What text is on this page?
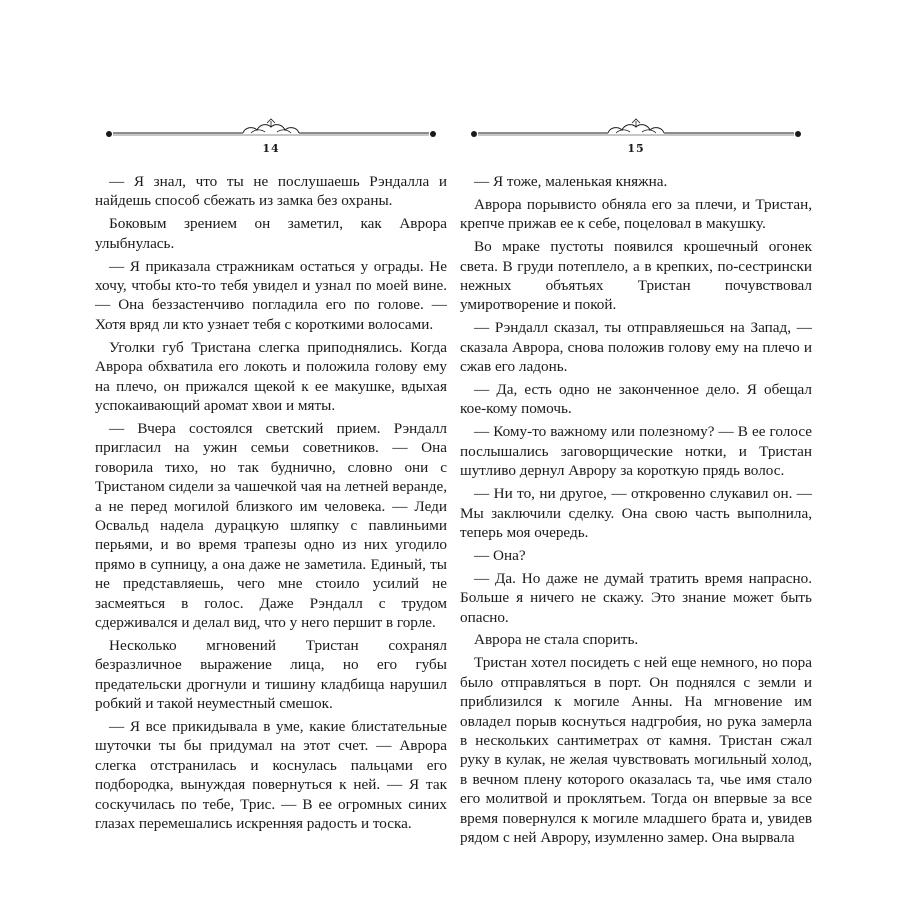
14

— Я знал, что ты не послушаешь Рэндалла и найдешь способ сбежать из замка без охраны.

Боковым зрением он заметил, как Аврора улыбнулась.

— Я приказала стражникам остаться у ограды. Не хочу, чтобы кто-то тебя увидел и узнал по моей вине. — Она беззастенчиво погладила его по голове. — Хотя вряд ли кто узнает тебя с короткими волосами.

Уголки губ Тристана слегка приподнялись. Когда Аврора обхватила его локоть и положила голову ему на плечо, он прижался щекой к ее макушке, вдыхая успокаивающий аромат хвои и мяты.

— Вчера состоялся светский прием. Рэндалл пригласил на ужин семьи советников. — Она говорила тихо, но так буднично, словно они с Тристаном сидели за чашечкой чая на летней веранде, а не перед могилой близкого им человека. — Леди Освальд надела дурацкую шляпку с павлиньими перьями, и во время трапезы одно из них угодило прямо в супницу, а она даже не заметила. Единый, ты не представляешь, чего мне стоило усилий не засмеяться в голос. Даже Рэндалл с трудом сдерживался и делал вид, что у него першит в горле.

Несколько мгновений Тристан сохранял безразличное выражение лица, но его губы предательски дрогнули и тишину кладбища нарушил робкий и такой неуместный смешок.

— Я все прикидывала в уме, какие блистательные шуточки ты бы придумал на этот счет. — Аврора слегка отстранилась и коснулась пальцами его подбородка, вынуждая повернуться к ней. — Я так соскучилась по тебе, Трис. — В ее огромных синих глазах перемешались искренняя радость и тоска.

15

— Я тоже, маленькая княжна.

Аврора порывисто обняла его за плечи, и Тристан, крепче прижав ее к себе, поцеловал в макушку.

Во мраке пустоты появился крошечный огонек света. В груди потеплело, а в крепких, по-сестрински нежных объятьях Тристан почувствовал умиротворение и покой.

— Рэндалл сказал, ты отправляешься на Запад, — сказала Аврора, снова положив голову ему на плечо и сжав его ладонь.

— Да, есть одно не законченное дело. Я обещал кое-кому помочь.

— Кому-то важному или полезному? — В ее голосе послышались заговорщические нотки, и Тристан шутливо дернул Аврору за короткую прядь волос.

— Ни то, ни другое, — откровенно слукавил он. — Мы заключили сделку. Она свою часть выполнила, теперь моя очередь.

— Она?

— Да. Но даже не думай тратить время напрасно. Больше я ничего не скажу. Это знание может быть опасно.

Аврора не стала спорить.

Тристан хотел посидеть с ней еще немного, но пора было отправляться в порт. Он поднялся с земли и приблизился к могиле Анны. На мгновение им овладел порыв коснуться надгробия, но рука замерла в нескольких сантиметрах от камня. Тристан сжал руку в кулак, не желая чувствовать могильный холод, в вечном плену которого оказалась та, чье имя стало его молитвой и проклятьем. Тогда он впервые за все время повернулся к могиле младшего брата и, увидев рядом с ней Аврору, изумленно замер. Она вырвала
